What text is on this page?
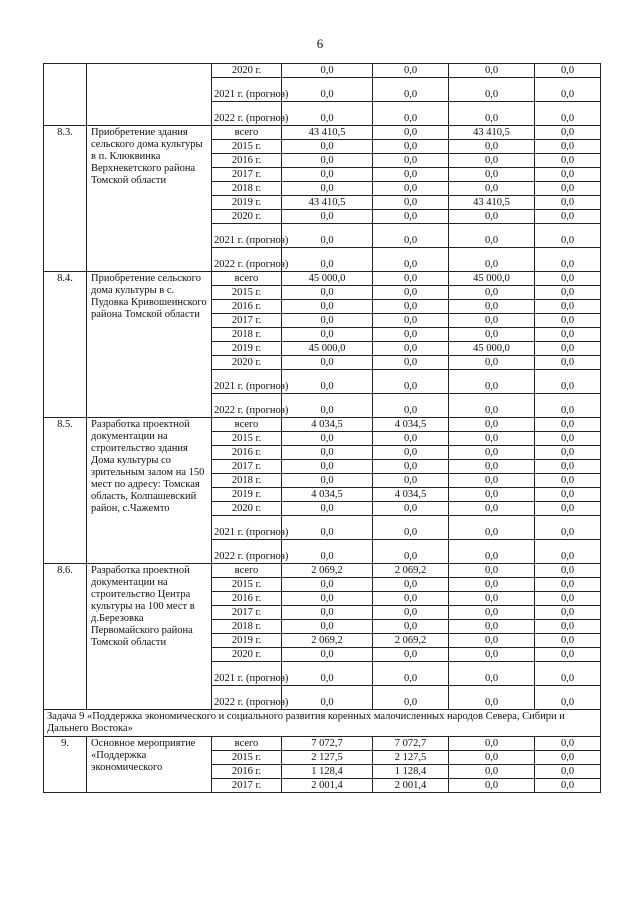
6
		2020 г.	0,0	0,0	0,0	0,0
		2021 г. (прогноз)	0,0	0,0	0,0	0,0
		2022 г. (прогноз)	0,0	0,0	0,0	0,0
8.3.	Приобретение здания сельского дома культуры в п. Клюквинка Верхнекетского района Томской области	всего	43 410,5	0,0	43 410,5	0,0
		2015 г.	0,0	0,0	0,0	0,0
		2016 г.	0,0	0,0	0,0	0,0
		2017 г.	0,0	0,0	0,0	0,0
		2018 г.	0,0	0,0	0,0	0,0
		2019 г.	43 410,5	0,0	43 410,5	0,0
		2020 г.	0,0	0,0	0,0	0,0
		2021 г. (прогноз)	0,0	0,0	0,0	0,0
		2022 г. (прогноз)	0,0	0,0	0,0	0,0
8.4.	Приобретение сельского дома культуры в с. Пудовка Кривошеинского района Томской области	всего	45 000,0	0,0	45 000,0	0,0
		2015 г.	0,0	0,0	0,0	0,0
		2016 г.	0,0	0,0	0,0	0,0
		2017 г.	0,0	0,0	0,0	0,0
		2018 г.	0,0	0,0	0,0	0,0
		2019 г.	45 000,0	0,0	45 000,0	0,0
		2020 г.	0,0	0,0	0,0	0,0
		2021 г. (прогноз)	0,0	0,0	0,0	0,0
		2022 г. (прогноз)	0,0	0,0	0,0	0,0
8.5.	Разработка проектной документации на строительство здания Дома культуры со зрительным залом на 150 мест по адресу: Томская область, Колпашевский район, с.Чажемто	всего	4 034,5	4 034,5	0,0	0,0
		2015 г.	0,0	0,0	0,0	0,0
		2016 г.	0,0	0,0	0,0	0,0
		2017 г.	0,0	0,0	0,0	0,0
		2018 г.	0,0	0,0	0,0	0,0
		2019 г.	4 034,5	4 034,5	0,0	0,0
		2020 г.	0,0	0,0	0,0	0,0
		2021 г. (прогноз)	0,0	0,0	0,0	0,0
		2022 г. (прогноз)	0,0	0,0	0,0	0,0
8.6.	Разработка проектной документации на строительство Центра культуры на 100 мест в д.Березовка Первомайского района Томской области	всего	2 069,2	2 069,2	0,0	0,0
		2015 г.	0,0	0,0	0,0	0,0
		2016 г.	0,0	0,0	0,0	0,0
		2017 г.	0,0	0,0	0,0	0,0
		2018 г.	0,0	0,0	0,0	0,0
		2019 г.	2 069,2	2 069,2	0,0	0,0
		2020 г.	0,0	0,0	0,0	0,0
		2021 г. (прогноз)	0,0	0,0	0,0	0,0
		2022 г. (прогноз)	0,0	0,0	0,0	0,0
Задача 9 «Поддержка экономического и социального развития коренных малочисленных народов Севера, Сибири и Дальнего Востока»						
9.	Основное мероприятие «Поддержка экономического	всего	7 072,7	7 072,7	0,0	0,0
		2015 г.	2 127,5	2 127,5	0,0	0,0
		2016 г.	1 128,4	1 128,4	0,0	0,0
		2017 г.	2 001,4	2 001,4	0,0	0,0
